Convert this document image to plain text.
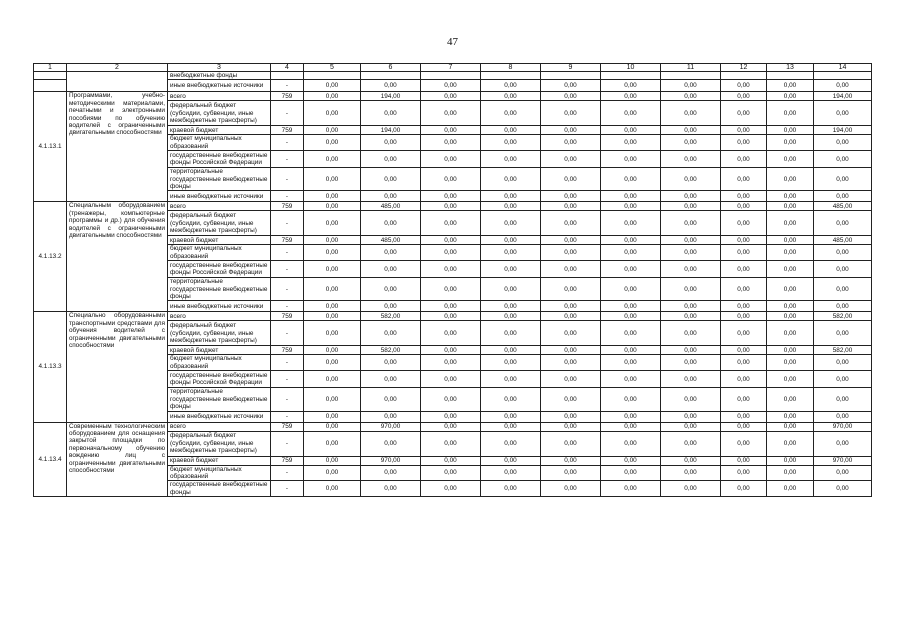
47
1	2	3	4	5	6	7	8	9	10	11	12	13	14
		внебюджетные фонды											
		иные внебюджетные источники	-	0,00	0,00	0,00	0,00	0,00	0,00	0,00	0,00	0,00	0,00
4.1.13.1	Программами, учебно-методическими материалами, печатными и электронными пособиями по обучению водителей с ограниченными двигательными способностями	всего	759	0,00	194,00	0,00	0,00	0,00	0,00	0,00	0,00	0,00	194,00
		федеральный бюджет (субсидии, субвенции, иные межбюджетные трансферты)	-	0,00	0,00	0,00	0,00	0,00	0,00	0,00	0,00	0,00	0,00
		краевой бюджет	759	0,00	194,00	0,00	0,00	0,00	0,00	0,00	0,00	0,00	194,00
		бюджет муниципальных образований	-	0,00	0,00	0,00	0,00	0,00	0,00	0,00	0,00	0,00	0,00
		государственные внебюджетные фонды Российской Федерации	-	0,00	0,00	0,00	0,00	0,00	0,00	0,00	0,00	0,00	0,00
		территориальные государственные внебюджетные фонды	-	0,00	0,00	0,00	0,00	0,00	0,00	0,00	0,00	0,00	0,00
		иные внебюджетные источники	-	0,00	0,00	0,00	0,00	0,00	0,00	0,00	0,00	0,00	0,00
4.1.13.2	Специальным оборудованием (тренажеры, компьютерные программы и др.) для обучения водителей с ограниченными двигательными способностями	всего	759	0,00	485,00	0,00	0,00	0,00	0,00	0,00	0,00	0,00	485,00
		федеральный бюджет (субсидии, субвенции, иные межбюджетные трансферты)	-	0,00	0,00	0,00	0,00	0,00	0,00	0,00	0,00	0,00	0,00
		краевой бюджет	759	0,00	485,00	0,00	0,00	0,00	0,00	0,00	0,00	0,00	485,00
		бюджет муниципальных образований	-	0,00	0,00	0,00	0,00	0,00	0,00	0,00	0,00	0,00	0,00
		государственные внебюджетные фонды Российской Федерации	-	0,00	0,00	0,00	0,00	0,00	0,00	0,00	0,00	0,00	0,00
		территориальные государственные внебюджетные фонды	-	0,00	0,00	0,00	0,00	0,00	0,00	0,00	0,00	0,00	0,00
		иные внебюджетные источники	-	0,00	0,00	0,00	0,00	0,00	0,00	0,00	0,00	0,00	0,00
4.1.13.3	Специально оборудованными транспортными средствами для обучения водителей с ограниченными двигательными способностями	всего	759	0,00	582,00	0,00	0,00	0,00	0,00	0,00	0,00	0,00	582,00
		федеральный бюджет (субсидии, субвенции, иные межбюджетные трансферты)	-	0,00	0,00	0,00	0,00	0,00	0,00	0,00	0,00	0,00	0,00
		краевой бюджет	759	0,00	582,00	0,00	0,00	0,00	0,00	0,00	0,00	0,00	582,00
		бюджет муниципальных образований	-	0,00	0,00	0,00	0,00	0,00	0,00	0,00	0,00	0,00	0,00
		государственные внебюджетные фонды Российской Федерации	-	0,00	0,00	0,00	0,00	0,00	0,00	0,00	0,00	0,00	0,00
		территориальные государственные внебюджетные фонды	-	0,00	0,00	0,00	0,00	0,00	0,00	0,00	0,00	0,00	0,00
		иные внебюджетные источники	-	0,00	0,00	0,00	0,00	0,00	0,00	0,00	0,00	0,00	0,00
4.1.13.4	Современным технологическим оборудованием для оснащения закрытой площадки по первоначальному обучению вождению лиц с ограниченными двигательными способностями	всего	759	0,00	970,00	0,00	0,00	0,00	0,00	0,00	0,00	0,00	970,00
		федеральный бюджет (субсидии, субвенции, иные межбюджетные трансферты)	-	0,00	0,00	0,00	0,00	0,00	0,00	0,00	0,00	0,00	0,00
		краевой бюджет	759	0,00	970,00	0,00	0,00	0,00	0,00	0,00	0,00	0,00	970,00
		бюджет муниципальных образований	-	0,00	0,00	0,00	0,00	0,00	0,00	0,00	0,00	0,00	0,00
		государственные внебюджетные фонды	-	0,00	0,00	0,00	0,00	0,00	0,00	0,00	0,00	0,00	0,00
